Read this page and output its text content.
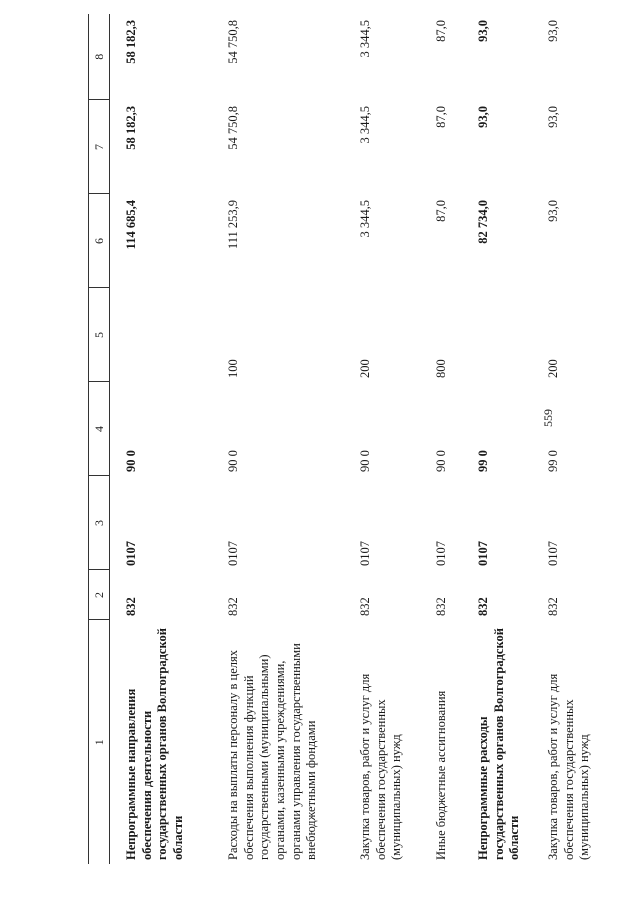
559
1	2	3	4	5	6	7	8
Непрограммные направления обеспечения деятельности государственных органов Волгоградской области	832	0107	90 0		114 685,4	58 182,3	58 182,3
Расходы на выплаты персоналу в целях обеспечения выполнения функций государственными (муниципальными) органами, казенными учреждениями, органами управления государственными внебюджетными фондами	832	0107	90 0	100	111 253,9	54 750,8	54 750,8
Закупка товаров, работ и услуг для обеспечения государственных (муниципальных) нужд	832	0107	90 0	200	3 344,5	3 344,5	3 344,5
Иные бюджетные ассигнования	832	0107	90 0	800	87,0	87,0	87,0
Непрограммные расходы государственных органов Волгоградской области	832	0107	99 0		82 734,0	93,0	93,0
Закупка товаров, работ и услуг для обеспечения государственных (муниципальных) нужд	832	0107	99 0	200	93,0	93,0	93,0
